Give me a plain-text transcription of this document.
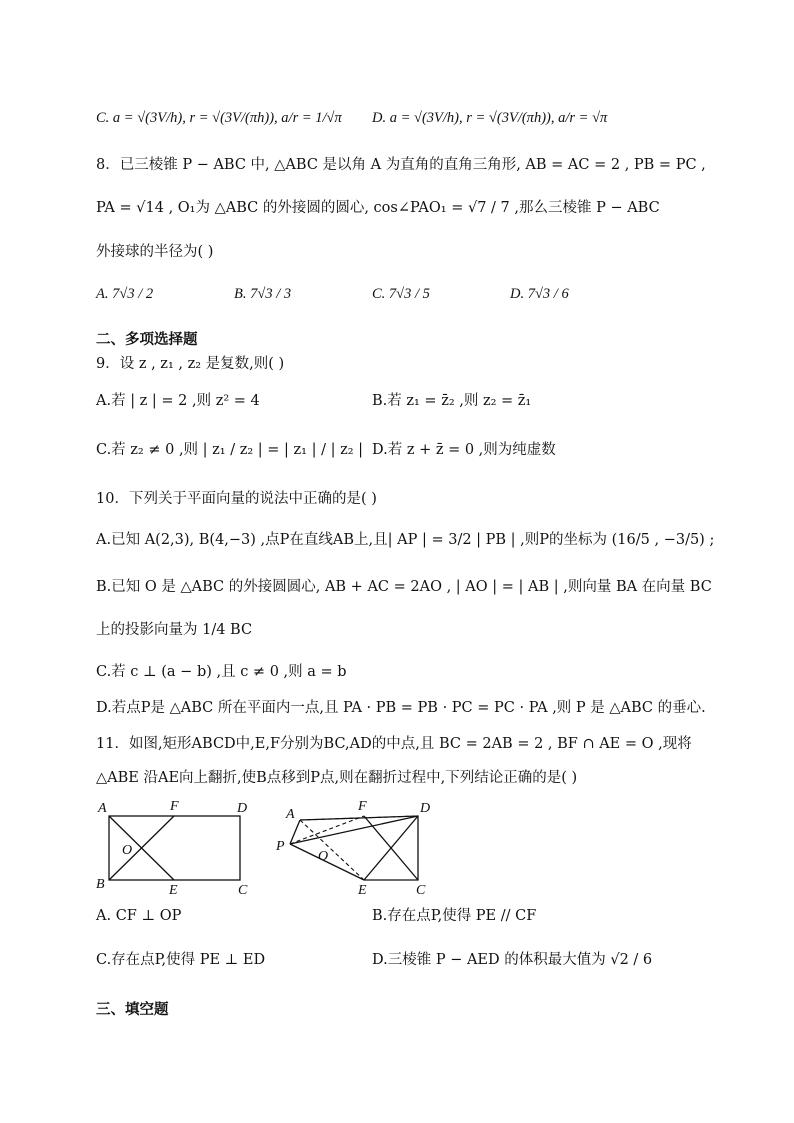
C. a = √(3V/h), r = √(3V/(πh)), a/r = 1/√π D. a = √(3V/h), r = √(3V/(πh)), a/r = √π
8．已三棱锥 P − ABC 中, △ABC 是以角 A 为直角的直角三角形, AB = AC = 2 , PB = PC ,
PA = √14 , O₁为 △ABC 的外接圆的圆心, cos∠PAO₁ = √7 / 7 ,那么三棱锥 P − ABC
外接球的半径为( )
A. 7√3 / 2	B. 7√3 / 3	C. 7√3 / 5	D. 7√3 / 6
二、多项选择题
9．设 z , z₁ , z₂ 是复数,则( )
A.若 | z | = 2 ,则 z² = 4	B.若 z₁ = z̄₂ ,则 z₂ = z̄₁
C.若 z₂ ≠ 0 ,则 | z₁ / z₂ | = | z₁ | / | z₂ | D.若 z + z̄ = 0 ,则为纯虚数
10．下列关于平面向量的说法中正确的是( )
A.已知 A(2,3), B(4,−3) ,点P在直线AB上,且| AP | = 3/2 | PB | ,则P的坐标为 (16/5 , −3/5) ;
B.已知 O 是 △ABC 的外接圆圆心, AB + AC = 2AO , | AO | = | AB | ,则向量 BA 在向量 BC
上的投影向量为 1/4 BC
C.若 c ⊥ (a − b) ,且 c ≠ 0 ,则 a = b
D.若点P是 △ABC 所在平面内一点,且 PA · PB = PB · PC = PC · PA ,则 P 是 △ABC 的垂心.
11．如图,矩形ABCD中,E,F分别为BC,AD的中点,且 BC = 2AB = 2 , BF ∩ AE = O ,现将
△ABE 沿AE向上翻折,使B点移到P点,则在翻折过程中,下列结论正确的是( )
A	F	D
O
B	E	C
A
F	D
P
O
E	C
A. CF ⊥ OP	B.存在点P,使得 PE // CF
C.存在点P,使得 PE ⊥ ED	D.三棱锥 P − AED 的体积最大值为 √2 / 6
三、填空题
